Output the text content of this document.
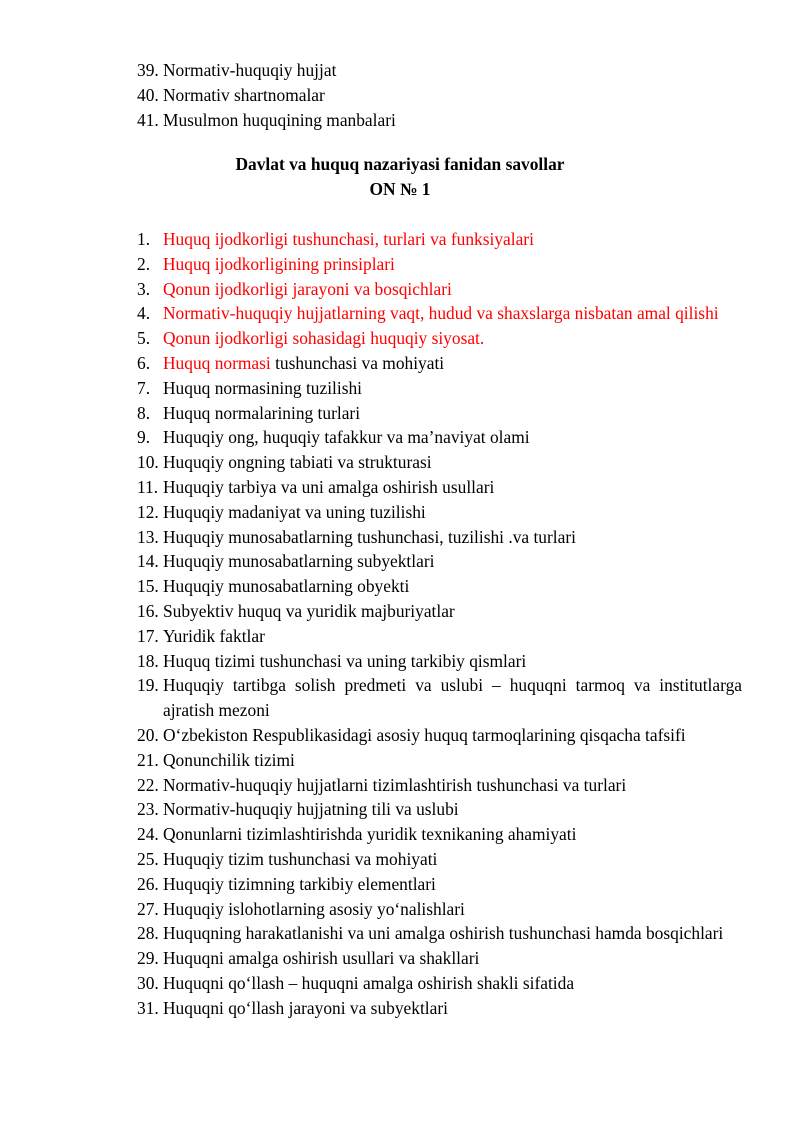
39. Normativ-huquqiy hujjat
40. Normativ shartnomalar
41. Musulmon huquqining manbalari
Davlat va huquq nazariyasi fanidan savollar
ON № 1
1. Huquq ijodkorligi tushunchasi, turlari va funksiyalari
2. Huquq ijodkorligining prinsiplari
3. Qonun ijodkorligi jarayoni va bosqichlari
4. Normativ-huquqiy hujjatlarning vaqt, hudud va shaxslarga nisbatan amal qilishi
5. Qonun ijodkorligi sohasidagi huquqiy siyosat.
6. Huquq normasi tushunchasi va mohiyati
7. Huquq normasining tuzilishi
8. Huquq normalarining turlari
9. Huquqiy ong, huquqiy tafakkur va ma’naviyat olami
10. Huquqiy ongning tabiati va strukturasi
11. Huquqiy tarbiya va uni amalga oshirish usullari
12. Huquqiy madaniyat va uning tuzilishi
13. Huquqiy munosabatlarning tushunchasi, tuzilishi .va turlari
14. Huquqiy munosabatlarning subyektlari
15. Huquqiy munosabatlarning obyekti
16. Subyektiv huquq va yuridik majburiyatlar
17. Yuridik faktlar
18. Huquq tizimi tushunchasi va uning tarkibiy qismlari
19. Huquqiy tartibga solish predmeti va uslubi – huquqni tarmoq va institutlarga ajratish mezoni
20. O‘zbekiston Respublikasidagi asosiy huquq tarmoqlarining qisqacha tafsifi
21. Qonunchilik tizimi
22. Normativ-huquqiy hujjatlarni tizimlashtirish tushunchasi va turlari
23. Normativ-huquqiy hujjatning tili va uslubi
24. Qonunlarni tizimlashtirishda yuridik texnikaning ahamiyati
25. Huquqiy tizim tushunchasi va mohiyati
26. Huquqiy tizimning tarkibiy elementlari
27. Huquqiy islohotlarning asosiy yo‘nalishlari
28. Huquqning harakatlanishi va uni amalga oshirish tushunchasi hamda bosqichlari
29. Huquqni amalga oshirish usullari va shakllari
30. Huquqni qo‘llash – huquqni amalga oshirish shakli sifatida
31. Huquqni qo‘llash jarayoni va subyektlari
